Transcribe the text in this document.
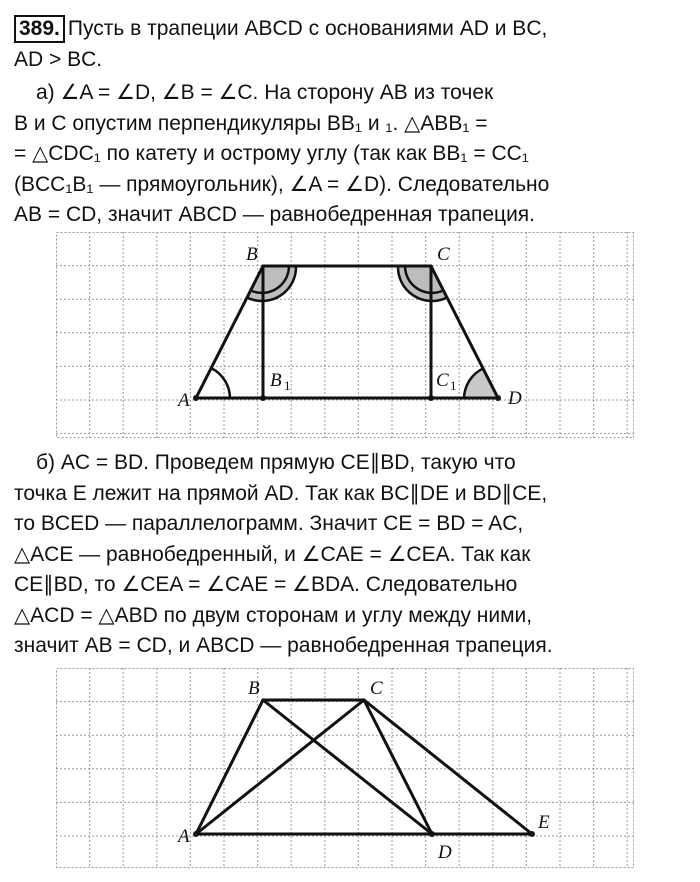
389. Пусть в трапеции ABCD с основаниями AD и BC,
AD > BC.
а) ∠A = ∠D, ∠B = ∠C. На сторону AB из точек
B и C опустим перпендикуляры BB₁ и ₁. △ABB₁ =
= △CDC₁ по катету и острому углу (так как BB₁ = CC₁
(BCC₁B₁ — прямоугольник), ∠A = ∠D). Следовательно
AB = CD, значит ABCD — равнобедренная трапеция.
A
B	C
D
B 1	C 1
б) AC = BD. Проведем прямую CE∥BD, такую что
точка E лежит на прямой AD. Так как BC∥DE и BD∥CE,
то BCED — параллелограмм. Значит CE = BD = AC,
△ACE — равнобедренный, и ∠CAE = ∠CEA. Так как
CE∥BD, то ∠CEA = ∠CAE = ∠BDA. Следовательно
△ACD = △ABD по двум сторонам и углу между ними,
значит AB = CD, и ABCD — равнобедренная трапеция.
A
B	C
D
E
